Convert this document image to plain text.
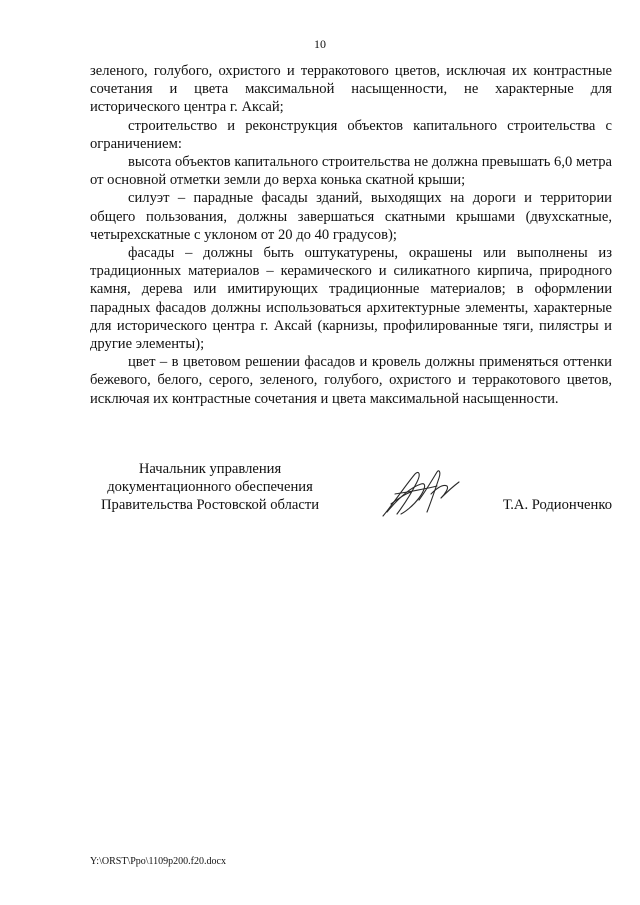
10

зеленого, голубого, охристого и терракотового цветов, исключая их контрастные сочетания и цвета максимальной насыщенности, не характерные для исторического центра г. Аксай;

строительство и реконструкция объектов капитального строительства с ограничением:

высота объектов капитального строительства не должна превышать 6,0 метра от основной отметки земли до верха конька скатной крыши;

силуэт – парадные фасады зданий, выходящих на дороги и территории общего пользования, должны завершаться скатными крышами (двухскатные, четырехскатные с уклоном от 20 до 40 градусов);

фасады – должны быть оштукатурены, окрашены или выполнены из традиционных материалов – керамического и силикатного кирпича, природного камня, дерева или имитирующих традиционные материалов; в оформлении парадных фасадов должны использоваться архитектурные элементы, характерные для исторического центра г. Аксай (карнизы, профилированные тяги, пилястры и другие элементы);

цвет – в цветовом решении фасадов и кровель должны применяться оттенки бежевого, белого, серого, зеленого, голубого, охристого и терракотового цветов, исключая их контрастные сочетания и цвета максимальной насыщенности.

Начальник управления
документационного обеспечения
Правительства Ростовской области	Т.А. Родионченко
Y:\ORST\Ppo\1109p200.f20.docx
